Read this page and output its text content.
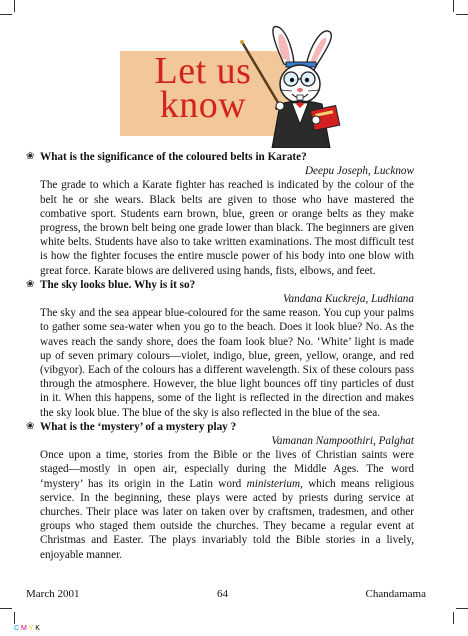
Let us
know
❀ What is the significance of the coloured belts in Karate?
Deepu Joseph, Lucknow

The grade to which a Karate fighter has reached is indicated by the colour of the belt he or she wears. Black belts are given to those who have mastered the combative sport. Students earn brown, blue, green or orange belts as they make progress, the brown belt being one grade lower than black. The beginners are given white belts. Students have also to take written examinations. The most difficult test is how the fighter focuses the entire muscle power of his body into one blow with great force. Karate blows are delivered using hands, fists, elbows, and feet.

❀ The sky looks blue. Why is it so?
Vandana Kuckreja, Ludhiana

The sky and the sea appear blue-coloured for the same reason. You cup your palms to gather some sea-water when you go to the beach. Does it look blue? No. As the waves reach the sandy shore, does the foam look blue? No. ‘White’ light is made up of seven primary colours—violet, indigo, blue, green, yellow, orange, and red (vibgyor). Each of the colours has a different wavelength. Six of these colours pass through the atmosphere. However, the blue light bounces off tiny particles of dust in it. When this happens, some of the light is reflected in the direction and makes the sky look blue. The blue of the sky is also reflected in the blue of the sea.

❀ What is the ‘mystery’ of a mystery play ?
Vamanan Nampoothiri, Palghat

Once upon a time, stories from the Bible or the lives of Christian saints were staged—mostly in open air, especially during the Middle Ages. The word ‘mystery’ has its origin in the Latin word ministerium, which means religious service. In the beginning, these plays were acted by priests during service at churches. Their place was later on taken over by craftsmen, tradesmen, and other groups who staged them outside the churches. They became a regular event at Christmas and Easter. The plays invariably told the Bible stories in a lively, enjoyable manner.

March 2001	64	Chandamama
C M Y K
